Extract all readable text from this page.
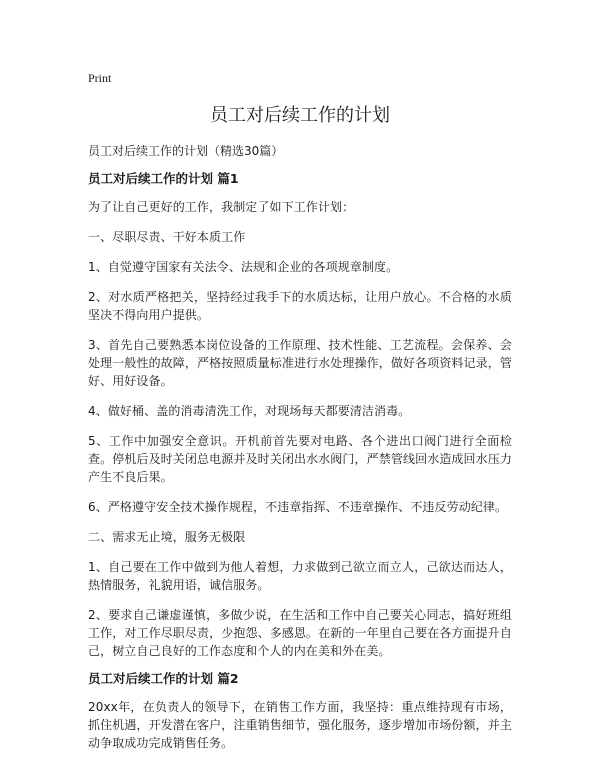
Print
员工对后续工作的计划
员工对后续工作的计划（精选30篇）
员工对后续工作的计划 篇1
为了让自己更好的工作，我制定了如下工作计划：
一、尽职尽责、干好本质工作
1、自觉遵守国家有关法令、法规和企业的各项规章制度。
2、对水质严格把关，坚持经过我手下的水质达标，让用户放心。不合格的水质坚决不得向用户提供。
3、首先自己要熟悉本岗位设备的工作原理、技术性能、工艺流程。会保养、会处理一般性的故障，严格按照质量标准进行水处理操作，做好各项资料记录，管好、用好设备。
4、做好桶、盖的消毒清洗工作，对现场每天都要清洁消毒。
5、工作中加强安全意识。开机前首先要对电路、各个进出口阀门进行全面检查。停机后及时关闭总电源并及时关闭出水水阀门，严禁管线回水造成回水压力产生不良后果。
6、严格遵守安全技术操作规程，不违章指挥、不违章操作、不违反劳动纪律。
二、需求无止境，服务无极限
1、自己要在工作中做到为他人着想，力求做到己欲立而立人，己欲达而达人，热情服务，礼貌用语，诚信服务。
2、要求自己谦虚谨慎，多做少说，在生活和工作中自己要关心同志，搞好班组工作，对工作尽职尽责，少抱怨、多感恩。在新的一年里自己要在各方面提升自己，树立自己良好的工作态度和个人的内在美和外在美。
员工对后续工作的计划 篇2
20xx年，在负责人的领导下，在销售工作方面，我坚持：重点维持现有市场，抓住机遇，开发潜在客户，注重销售细节，强化服务，逐步增加市场份额，并主动争取成功完成销售任务。
